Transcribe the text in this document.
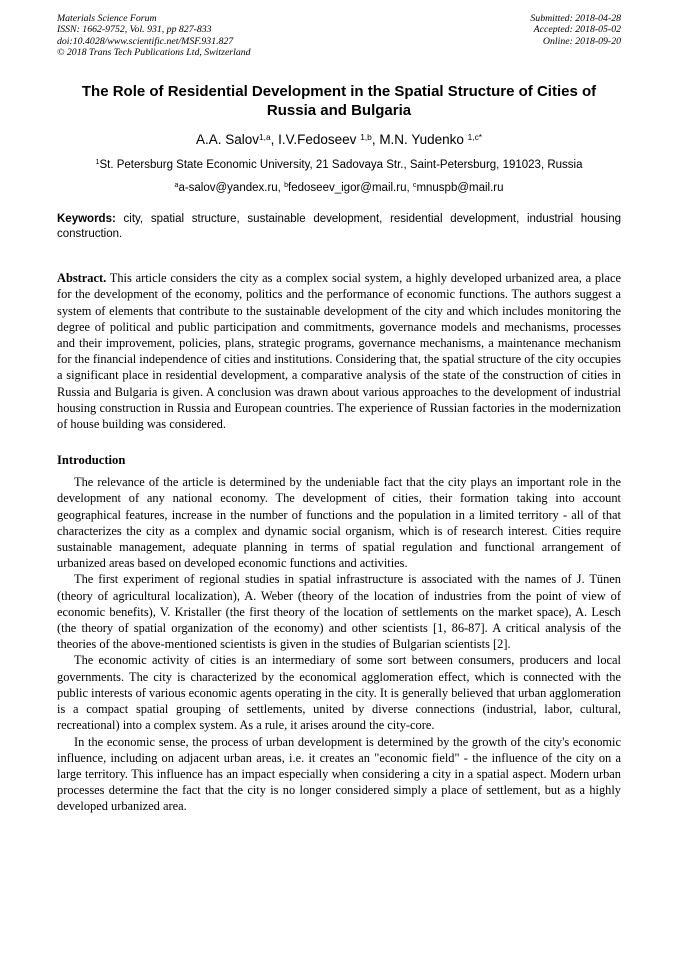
Materials Science Forum
ISSN: 1662-9752, Vol. 931, pp 827-833
doi:10.4028/www.scientific.net/MSF.931.827
© 2018 Trans Tech Publications Ltd, Switzerland
Submitted: 2018-04-28
Accepted: 2018-05-02
Online: 2018-09-20
The Role of Residential Development in the Spatial Structure of Cities of Russia and Bulgaria
A.A. Salov$^{1,a}$, I.V.Fedoseev $^{1,b}$, M.N. Yudenko $^{1,c*}$
$^1$St. Petersburg State Economic University, 21 Sadovaya Str., Saint-Petersburg, 191023, Russia
$^a$a-salov@yandex.ru, $^b$fedoseev_igor@mail.ru, $^c$mnuspb@mail.ru

Keywords: city, spatial structure, sustainable development, residential development, industrial housing construction.

Abstract. This article considers the city as a complex social system, a highly developed urbanized area, a place for the development of the economy, politics and the performance of economic functions. The authors suggest a system of elements that contribute to the sustainable development of the city and which includes monitoring the degree of political and public participation and commitments, governance models and mechanisms, processes and their improvement, policies, plans, strategic programs, governance mechanisms, a maintenance mechanism for the financial independence of cities and institutions. Considering that, the spatial structure of the city occupies a significant place in residential development, a comparative analysis of the state of the construction of cities in Russia and Bulgaria is given. A conclusion was drawn about various approaches to the development of industrial housing construction in Russia and European countries. The experience of Russian factories in the modernization of house building was considered.

Introduction

The relevance of the article is determined by the undeniable fact that the city plays an important role in the development of any national economy. The development of cities, their formation taking into account geographical features, increase in the number of functions and the population in a limited territory - all of that characterizes the city as a complex and dynamic social organism, which is of research interest. Cities require sustainable management, adequate planning in terms of spatial regulation and functional arrangement of urbanized areas based on developed economic functions and activities.

The first experiment of regional studies in spatial infrastructure is associated with the names of J. Tünen (theory of agricultural localization), A. Weber (theory of the location of industries from the point of view of economic benefits), V. Kristaller (the first theory of the location of settlements on the market space), A. Lesch (the theory of spatial organization of the economy) and other scientists [1, 86-87]. A critical analysis of the theories of the above-mentioned scientists is given in the studies of Bulgarian scientists [2].

The economic activity of cities is an intermediary of some sort between consumers, producers and local governments. The city is characterized by the economical agglomeration effect, which is connected with the public interests of various economic agents operating in the city. It is generally believed that urban agglomeration is a compact spatial grouping of settlements, united by diverse connections (industrial, labor, cultural, recreational) into a complex system. As a rule, it arises around the city-core.

In the economic sense, the process of urban development is determined by the growth of the city's economic influence, including on adjacent urban areas, i.e. it creates an "economic field" - the influence of the city on a large territory. This influence has an impact especially when considering a city in a spatial aspect. Modern urban processes determine the fact that the city is no longer considered simply a place of settlement, but as a highly developed urbanized area.
